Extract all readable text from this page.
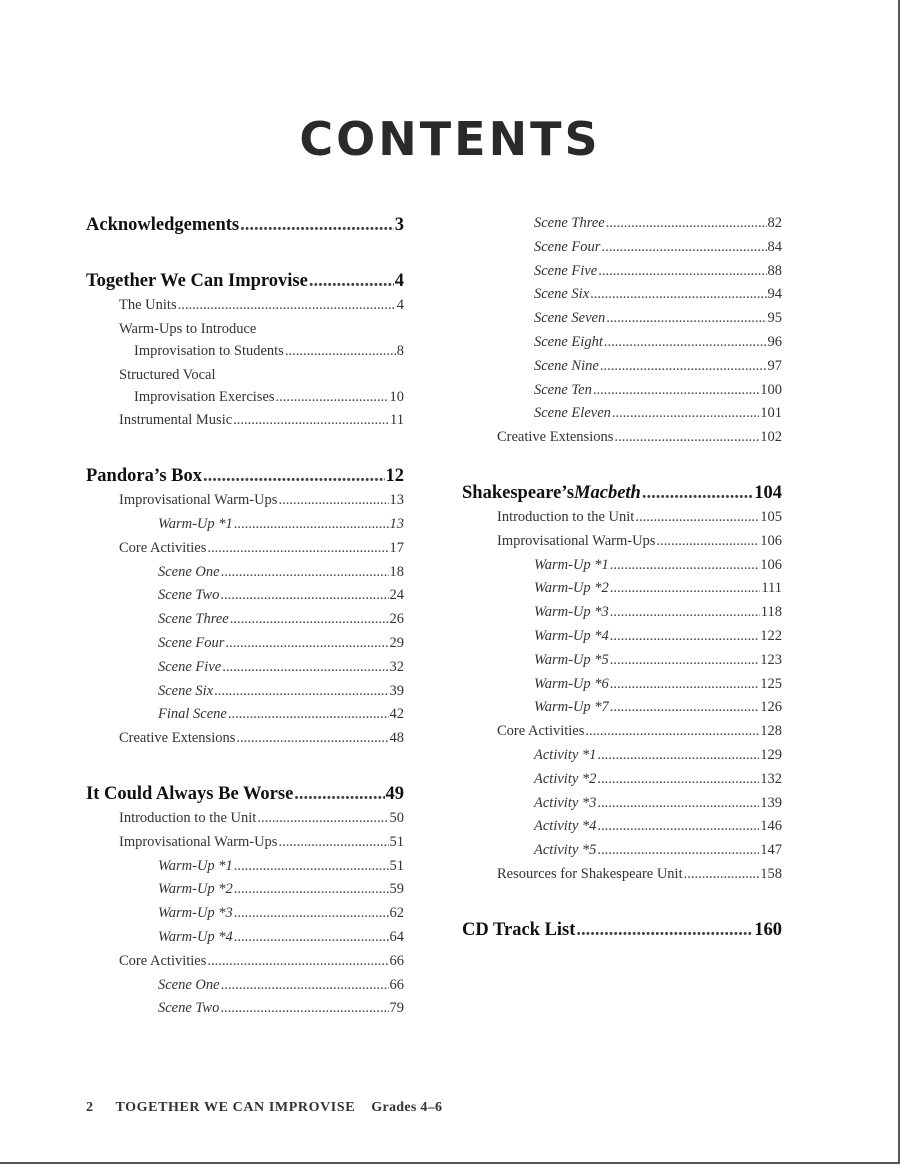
CONTENTS
Acknowledgements .....	3
Together We Can Improvise .....	4
The Units .....	4
Warm-Ups to Introduce
Improvisation to Students .....	8
Structured Vocal
Improvisation Exercises .....	10
Instrumental Music .....	11
Pandora’s Box .....	12
Improvisational Warm-Ups .....	13
Warm-Up *1 .....	13
Core Activities .....	17
Scene One .....	18
Scene Two .....	24
Scene Three .....	26
Scene Four .....	29
Scene Five .....	32
Scene Six .....	39
Final Scene .....	42
Creative Extensions .....	48
It Could Always Be Worse .....	49
Introduction to the Unit .....	50
Improvisational Warm-Ups .....	51
Warm-Up *1 .....	51
Warm-Up *2 .....	59
Warm-Up *3 .....	62
Warm-Up *4 .....	64
Core Activities .....	66
Scene One .....	66
Scene Two .....	79
Scene Three .....	82
Scene Four .....	84
Scene Five .....	88
Scene Six .....	94
Scene Seven .....	95
Scene Eight .....	96
Scene Nine .....	97
Scene Ten .....	100
Scene Eleven .....	101
Creative Extensions .....	102
Shakespeare’s Macbeth .....	104
Introduction to the Unit .....	105
Improvisational Warm-Ups .....	106
Warm-Up *1 .....	106
Warm-Up *2 .....	111
Warm-Up *3 .....	118
Warm-Up *4 .....	122
Warm-Up *5 .....	123
Warm-Up *6 .....	125
Warm-Up *7 .....	126
Core Activities .....	128
Activity *1 .....	129
Activity *2 .....	132
Activity *3 .....	139
Activity *4 .....	146
Activity *5 .....	147
Resources for Shakespeare Unit .....	158
CD Track List .....	160
2 TOGETHER WE CAN IMPROVISE Grades 4–6
